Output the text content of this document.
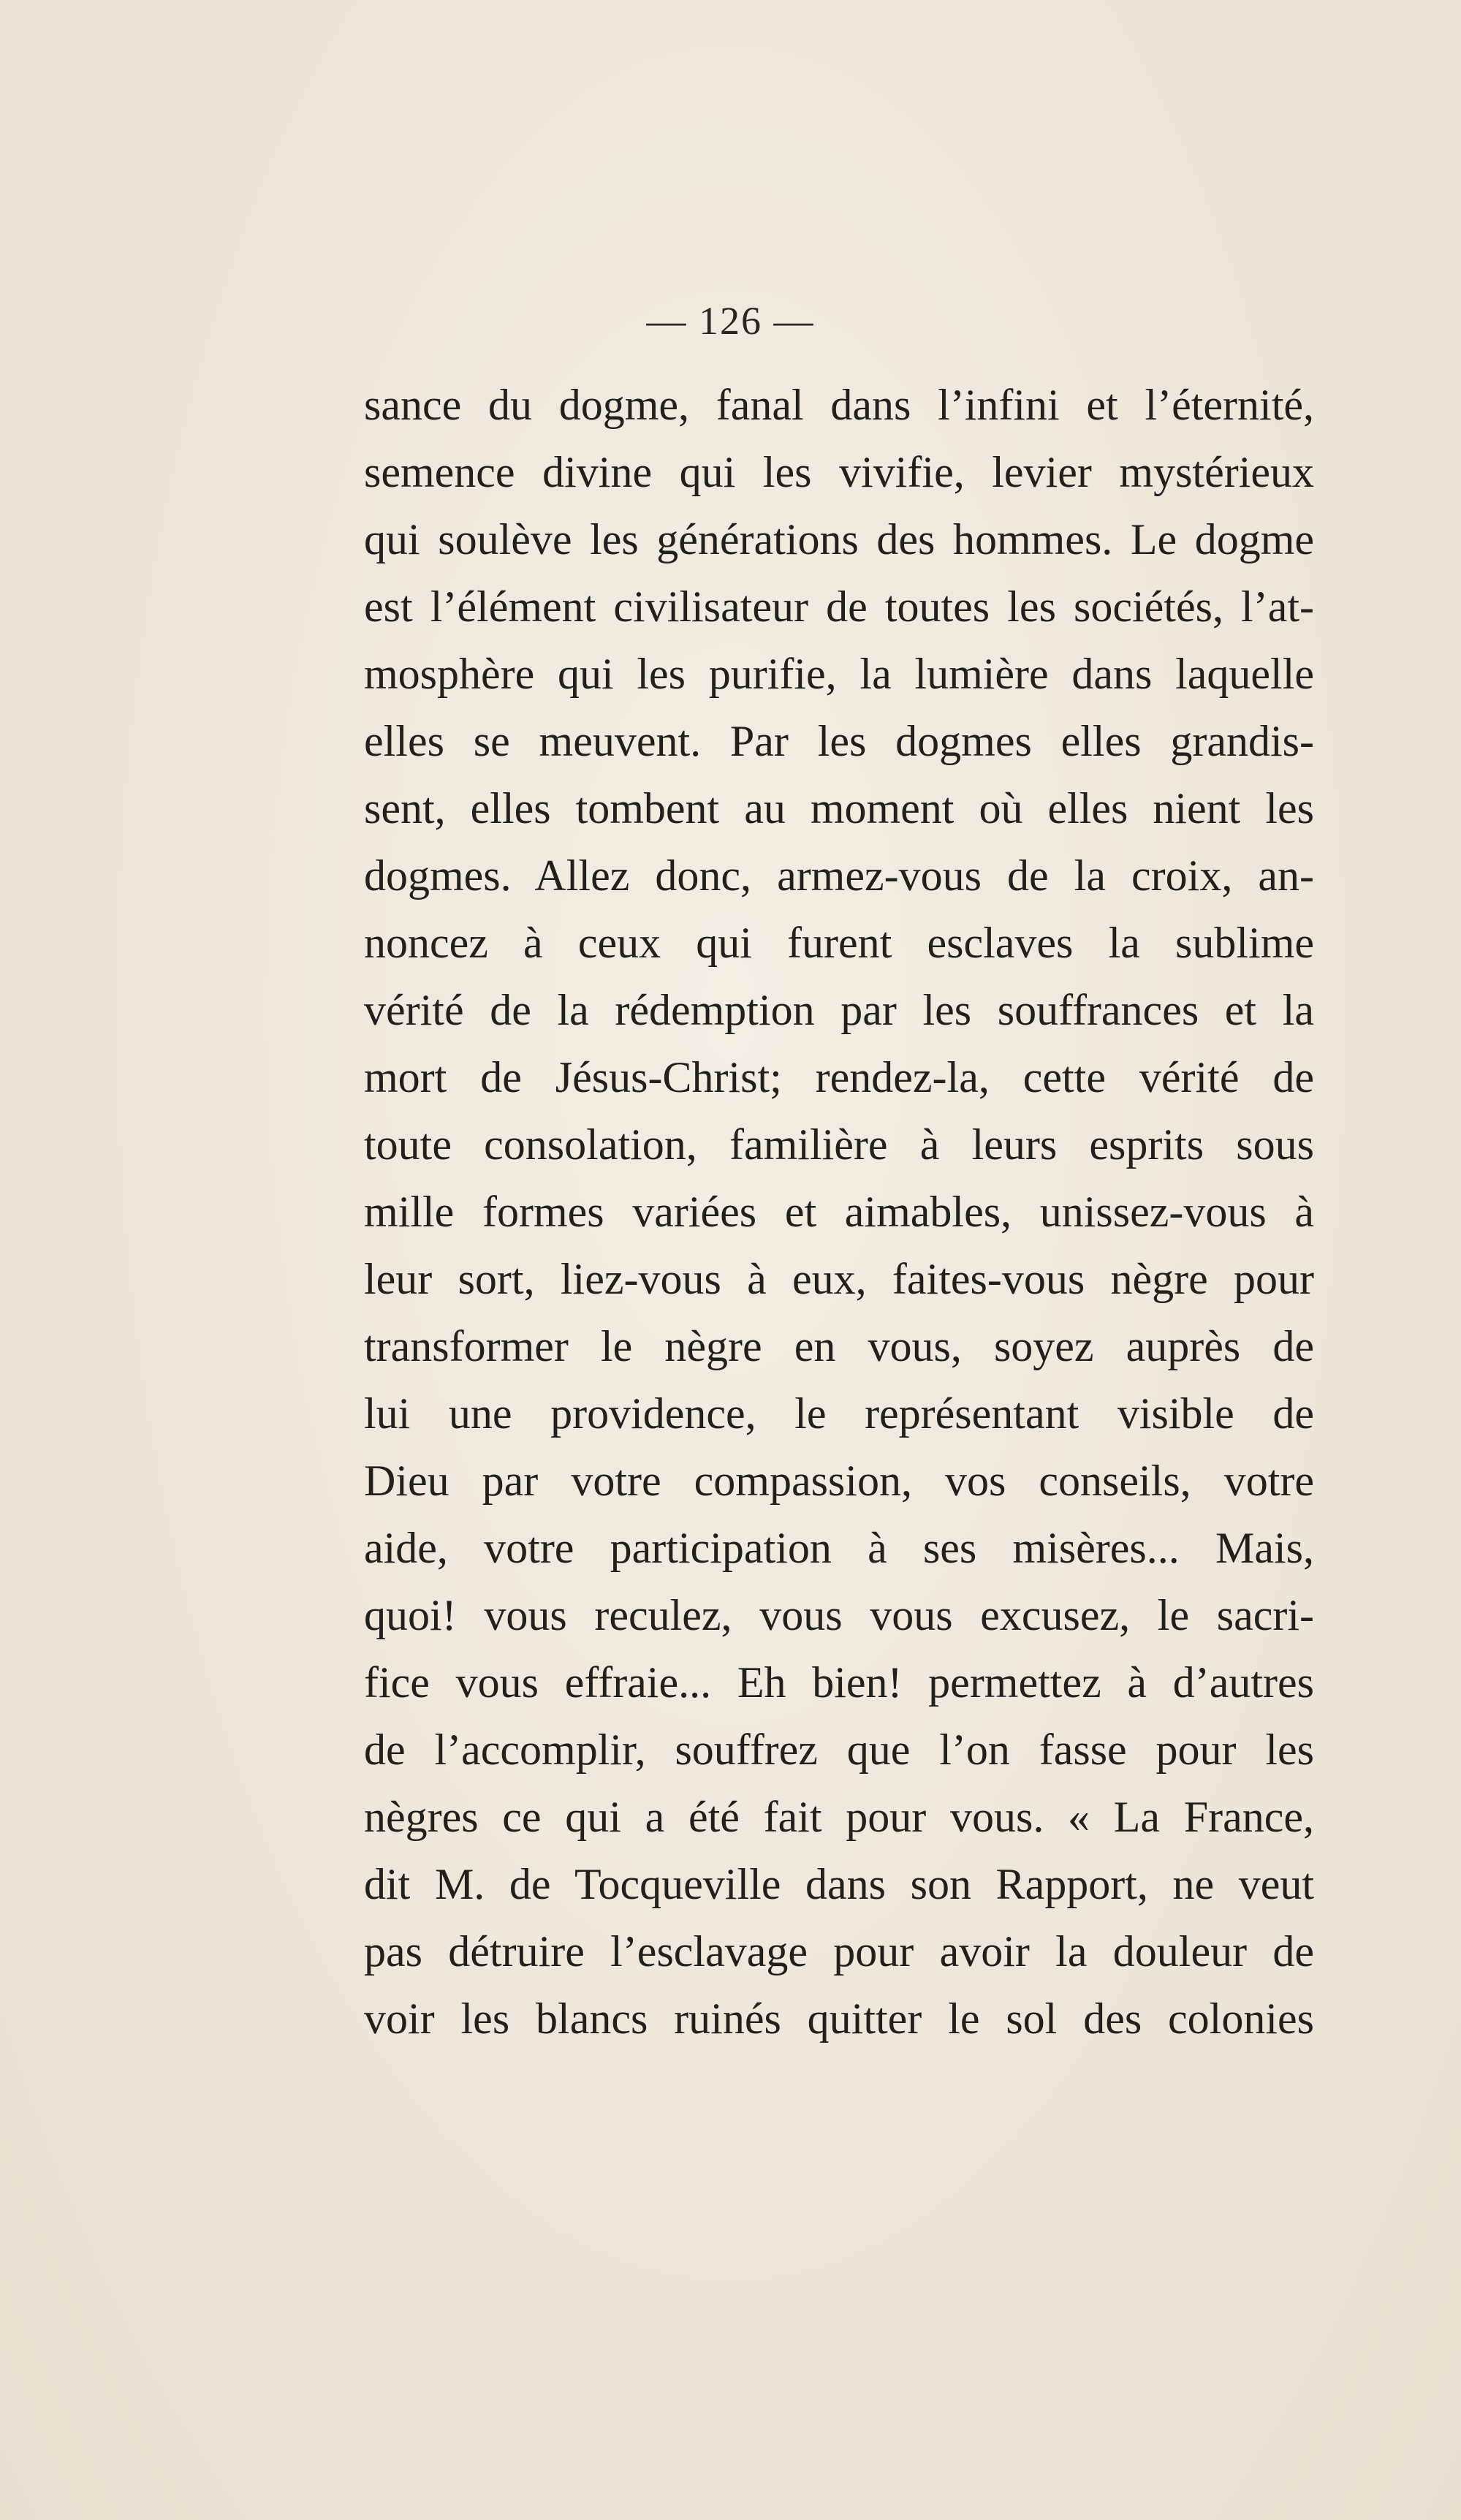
— 126 —
sance du dogme, fanal dans l’infini et l’éternité,
semence divine qui les vivifie, levier mystérieux
qui soulève les générations des hommes. Le dogme
est l’élément civilisateur de toutes les sociétés, l’at-
mosphère qui les purifie, la lumière dans laquelle
elles se meuvent. Par les dogmes elles grandis-
sent, elles tombent au moment où elles nient les
dogmes. Allez donc, armez-vous de la croix, an-
noncez à ceux qui furent esclaves la sublime
vérité de la rédemption par les souffrances et la
mort de Jésus-Christ; rendez-la, cette vérité de
toute consolation, familière à leurs esprits sous
mille formes variées et aimables, unissez-vous à
leur sort, liez-vous à eux, faites-vous nègre pour
transformer le nègre en vous, soyez auprès de
lui une providence, le représentant visible de
Dieu par votre compassion, vos conseils, votre
aide, votre participation à ses misères... Mais,
quoi! vous reculez, vous vous excusez, le sacri-
fice vous effraie... Eh bien! permettez à d’autres
de l’accomplir, souffrez que l’on fasse pour les
nègres ce qui a été fait pour vous. « La France,
dit M. de Tocqueville dans son Rapport, ne veut
pas détruire l’esclavage pour avoir la douleur de
voir les blancs ruinés quitter le sol des colonies
